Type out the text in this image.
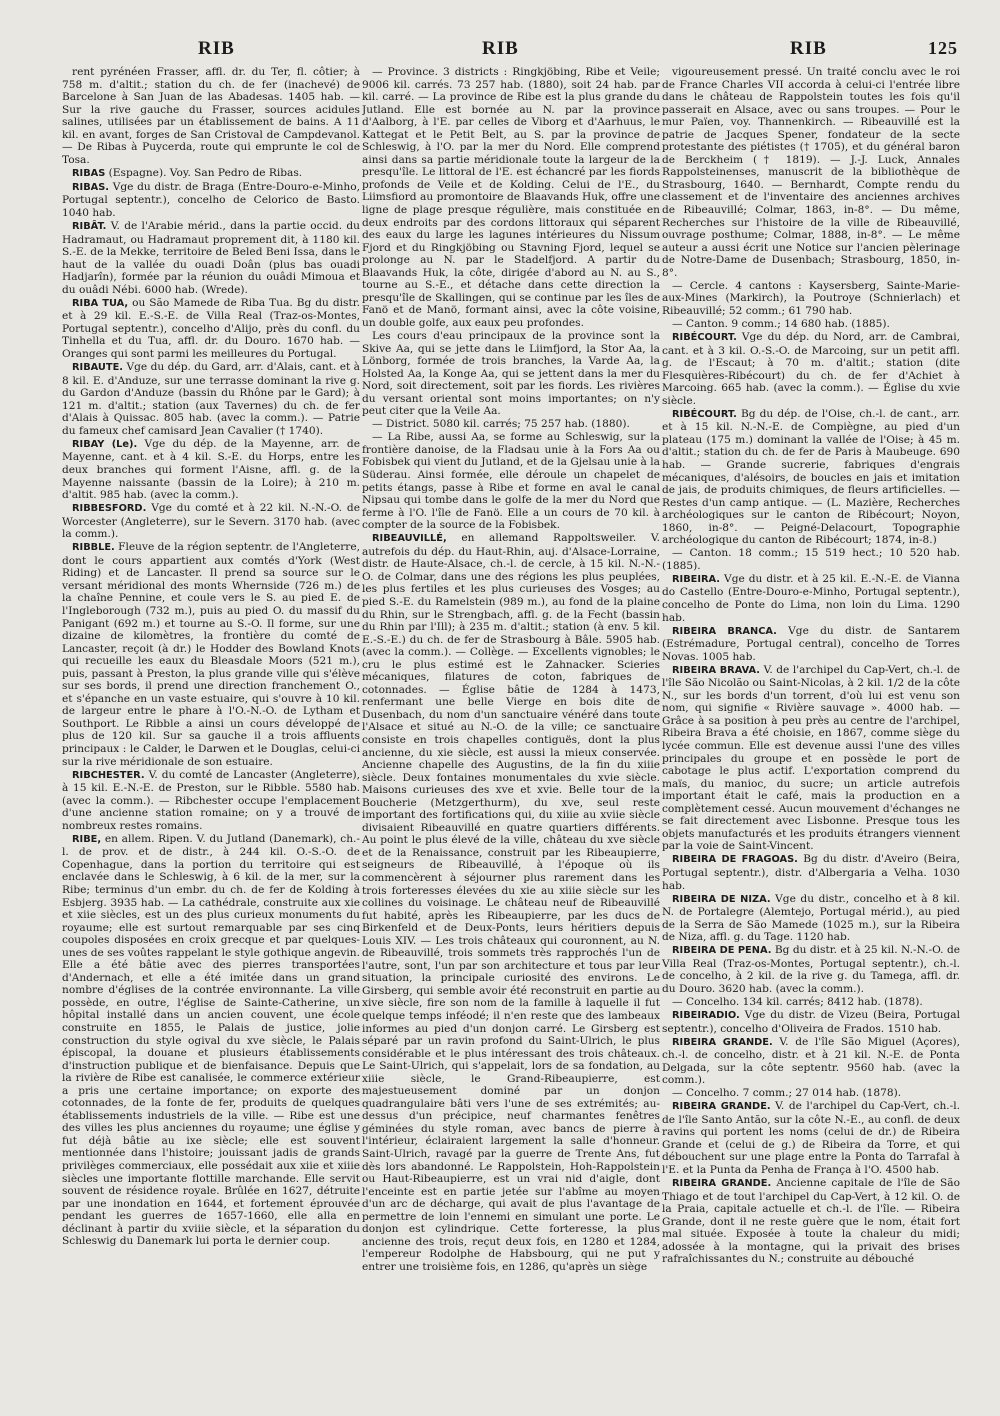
RIB	RIB	RIB	125

rent pyrénéen Frasser, affl. dr. du Ter, fl. côtier; à 758 m. d'altit.; station du ch. de fer (inachevé) de Barcelone à San Juan de las Abadesas. 1405 hab. — Sur la rive gauche du Frasser, sources acidules salines, utilisées par un établissement de bains. A 11 kil. en avant, forges de San Cristoval de Campdevanol. — De Ribas à Puycerda, route qui emprunte le col de Tosa.

RIBAS (Espagne). Voy. San Pedro de Ribas.

RIBAS. Vge du distr. de Braga (Entre-Douro-e-Minho, Portugal septentr.), concelho de Celorico de Basto. 1040 hab.

RIBÂT. V. de l'Arabie mérid., dans la partie occid. du Hadramaut, ou Hadramaut proprement dit, à 1180 kil. S.-E. de la Mekke, territoire de Beled Beni Issa, dans le haut de la vallée du ouadi Doân (plus bas ouadi Hadjarîn), formée par la réunion du ouâdi Mimoua et du ouâdi Nébi. 6000 hab. (Wrede).

RIBA TUA, ou São Mamede de Riba Tua. Bg du distr. et à 29 kil. E.-S.-E. de Villa Real (Traz-os-Montes, Portugal septentr.), concelho d'Alijo, près du confl. du Tinhella et du Tua, affl. dr. du Douro. 1670 hab. — Oranges qui sont parmi les meilleures du Portugal.

RIBAUTE. Vge du dép. du Gard, arr. d'Alais, cant. et à 8 kil. E. d'Anduze, sur une terrasse dominant la rive g. du Gardon d'Anduze (bassin du Rhône par le Gard); à 121 m. d'altit.; station (aux Tavernes) du ch. de fer d'Alais à Quissac. 805 hab. (avec la comm.). — Patrie du fameux chef camisard Jean Cavalier († 1740).

RIBAY (Le). Vge du dép. de la Mayenne, arr. de Mayenne, cant. et à 4 kil. S.-E. du Horps, entre les deux branches qui forment l'Aisne, affl. g. de la Mayenne naissante (bassin de la Loire); à 210 m. d'altit. 985 hab. (avec la comm.).

RIBBESFORD. Vge du comté et à 22 kil. N.-N.-O. de Worcester (Angleterre), sur le Severn. 3170 hab. (avec la comm.).

RIBBLE. Fleuve de la région septentr. de l'Angleterre, dont le cours appartient aux comtés d'York (West Riding) et de Lancaster. Il prend sa source sur le versant méridional des monts Whernside (726 m.) de la chaîne Pennine, et coule vers le S. au pied E. de l'Ingleborough (732 m.), puis au pied O. du massif du Panigant (692 m.) et tourne au S.-O. Il forme, sur une dizaine de kilomètres, la frontière du comté de Lancaster, reçoit (à dr.) le Hodder des Bowland Knots qui recueille les eaux du Bleasdale Moors (521 m.), puis, passant à Preston, la plus grande ville qui s'élève sur ses bords, il prend une direction franchement O., et s'épanche en un vaste estuaire, qui s'ouvre à 10 kil. de largeur entre le phare à l'O.-N.-O. de Lytham et Southport. Le Ribble a ainsi un cours développé de plus de 120 kil. Sur sa gauche il a trois affluents principaux : le Calder, le Darwen et le Douglas, celui-ci sur la rive méridionale de son estuaire.

RIBCHESTER. V. du comté de Lancaster (Angleterre), à 15 kil. E.-N.-E. de Preston, sur le Ribble. 5580 hab. (avec la comm.). — Ribchester occupe l'emplacement d'une ancienne station romaine; on y a trouvé de nombreux restes romains.

RIBE, en allem. Ripen. V. du Jutland (Danemark), ch.-l. de prov. et de distr., à 244 kil. O.-S.-O. de Copenhague, dans la portion du territoire qui est enclavée dans le Schleswig, à 6 kil. de la mer, sur la Ribe; terminus d'un embr. du ch. de fer de Kolding à Esbjerg. 3935 hab. — La cathédrale, construite aux xie et xiie siècles, est un des plus curieux monuments du royaume; elle est surtout remarquable par ses cinq coupoles disposées en croix grecque et par quelques-unes de ses voûtes rappelant le style gothique angevin. Elle a été bâtie avec des pierres transportées d'Andernach, et elle a été imitée dans un grand nombre d'églises de la contrée environnante. La ville possède, en outre, l'église de Sainte-Catherine, un hôpital installé dans un ancien couvent, une école construite en 1855, le Palais de justice, jolie construction du style ogival du xve siècle, le Palais épiscopal, la douane et plusieurs établissements d'instruction publique et de bienfaisance. Depuis que la rivière de Ribe est canalisée, le commerce extérieur a pris une certaine importance; on exporte des cotonnades, de la fonte de fer, produits de quelques établissements industriels de la ville. — Ribe est une des villes les plus anciennes du royaume; une église y fut déjà bâtie au ixe siècle; elle est souvent mentionnée dans l'histoire; jouissant jadis de grands privilèges commerciaux, elle possédait aux xiie et xiiie siècles une importante flottille marchande. Elle servit souvent de résidence royale. Brûlée en 1627, détruite par une inondation en 1644, et fortement éprouvée pendant les guerres de 1657-1660, elle alla en déclinant à partir du xviiie siècle, et la séparation du Schleswig du Danemark lui porta le dernier coup.

— Province. 3 districts : Ringkjöbing, Ribe et Veile; 9006 kil. carrés. 73 257 hab. (1880), soit 24 hab. par kil. carré. — La province de Ribe est la plus grande du Jutland. Elle est bornée au N. par la province d'Aalborg, à l'E. par celles de Viborg et d'Aarhuus, le Kattegat et le Petit Belt, au S. par la province de Schleswig, à l'O. par la mer du Nord. Elle comprend ainsi dans sa partie méridionale toute la largeur de la presqu'île. Le littoral de l'E. est échancré par les fiords profonds de Veile et de Kolding. Celui de l'E., du Liimsfiord au promontoire de Blaavands Huk, offre une ligne de plage presque régulière, mais constituée en deux endroits par des cordons littoraux qui séparent des eaux du large les lagunes intérieures du Nissum Fjord et du Ringkjöbing ou Stavning Fjord, lequel se prolonge au N. par le Stadelfjord. A partir du Blaavands Huk, la côte, dirigée d'abord au N. au S., tourne au S.-E., et détache dans cette direction la presqu'île de Skallingen, qui se continue par les îles de Fanö et de Manö, formant ainsi, avec la côte voisine, un double golfe, aux eaux peu profondes.

Les cours d'eau principaux de la province sont la Skive Aa, qui se jette dans le Liimfjord, la Stor Aa, la Lönborg, formée de trois branches, la Varde Aa, la Holsted Aa, la Konge Aa, qui se jettent dans la mer du Nord, soit directement, soit par les fiords. Les rivières du versant oriental sont moins importantes; on n'y peut citer que la Veile Aa.

— District. 5080 kil. carrés; 75 257 hab. (1880).

— La Ribe, aussi Aa, se forme au Schleswig, sur la frontière danoise, de la Fladsau unie à la Fors Aa ou Fobisbek qui vient du Jutland, et de la Gjelsau unie à la Süderau. Ainsi formée, elle déroule un chapelet de petits étangs, passe à Ribe et forme en aval le canal Nipsau qui tombe dans le golfe de la mer du Nord que ferme à l'O. l'île de Fanö. Elle a un cours de 70 kil. à compter de la source de la Fobisbek.

RIBEAUVILLÉ, en allemand Rappoltsweiler. V. autrefois du dép. du Haut-Rhin, auj. d'Alsace-Lorraine, distr. de Haute-Alsace, ch.-l. de cercle, à 15 kil. N.-N.-O. de Colmar, dans une des régions les plus peuplées, les plus fertiles et les plus curieuses des Vosges; au pied S.-E. du Ramelstein (989 m.), au fond de la plaine du Rhin, sur le Strengbach, affl. g. de la Fecht (bassin du Rhin par l'Ill); à 235 m. d'altit.; station (à env. 5 kil. E.-S.-E.) du ch. de fer de Strasbourg à Bâle. 5905 hab. (avec la comm.). — Collège. — Excellents vignobles; le cru le plus estimé est le Zahnacker. Scieries mécaniques, filatures de coton, fabriques de cotonnades. — Église bâtie de 1284 à 1473, renfermant une belle Vierge en bois dite de Dusenbach, du nom d'un sanctuaire vénéré dans toute l'Alsace et situé au N.-O. de la ville; ce sanctuaire consiste en trois chapelles contiguës, dont la plus ancienne, du xie siècle, est aussi la mieux conservée. Ancienne chapelle des Augustins, de la fin du xiiie siècle. Deux fontaines monumentales du xvie siècle. Maisons curieuses des xve et xvie. Belle tour de la Boucherie (Metzgerthurm), du xve, seul reste important des fortifications qui, du xiiie au xviie siècle divisaient Ribeauvillé en quatre quartiers différents. Au point le plus élevé de la ville, château du xve siècle et de la Renaissance, construit par les Ribeaupierre, seigneurs de Ribeauvillé, à l'époque où ils commencèrent à séjourner plus rarement dans les trois forteresses élevées du xie au xiiie siècle sur les collines du voisinage. Le château neuf de Ribeauvillé fut habité, après les Ribeaupierre, par les ducs de Birkenfeld et de Deux-Ponts, leurs héritiers depuis Louis XIV. — Les trois châteaux qui couronnent, au N. de Ribeauvillé, trois sommets très rapprochés l'un de l'autre, sont, l'un par son architecture et tous par leur situation, la principale curiosité des environs. Le Girsberg, qui semble avoir été reconstruit en partie au xive siècle, fire son nom de la famille à laquelle il fut quelque temps inféodé; il n'en reste que des lambeaux informes au pied d'un donjon carré. Le Girsberg est séparé par un ravin profond du Saint-Ulrich, le plus considérable et le plus intéressant des trois châteaux. Le Saint-Ulrich, qui s'appelait, lors de sa fondation, au xiiie siècle, le Grand-Ribeaupierre, est majestueusement dominé par un donjon quadrangulaire bâti vers l'une de ses extrémités; au-dessus d'un précipice, neuf charmantes fenêtres géminées du style roman, avec bancs de pierre à l'intérieur, éclairaient largement la salle d'honneur. Saint-Ulrich, ravagé par la guerre de Trente Ans, fut dès lors abandonné. Le Rappolstein, Hoh-Rappolstein ou Haut-Ribeaupierre, est un vrai nid d'aigle, dont l'enceinte est en partie jetée sur l'abîme au moyen d'un arc de décharge, qui avait de plus l'avantage de permettre de loin l'ennemi en simulant une porte. Le donjon est cylindrique. Cette forteresse, la plus ancienne des trois, reçut deux fois, en 1280 et 1284, l'empereur Rodolphe de Habsbourg, qui ne put y entrer une troisième fois, en 1286, qu'après un siège

vigoureusement pressé. Un traité conclu avec le roi de France Charles VII accorda à celui-ci l'entrée libre dans le château de Rappolstein toutes les fois qu'il passerait en Alsace, avec ou sans troupes. — Pour le mur Païen, voy. Thannenkirch. — Ribeauvillé est la patrie de Jacques Spener, fondateur de la secte protestante des piétistes († 1705), et du général baron de Berckheim († 1819). — J.-J. Luck, Annales Rappolsteinenses, manuscrit de la bibliothèque de Strasbourg, 1640. — Bernhardt, Compte rendu du classement et de l'inventaire des anciennes archives de Ribeauvillé; Colmar, 1863, in-8°. — Du même, Recherches sur l'histoire de la ville de Ribeauvillé, ouvrage posthume; Colmar, 1888, in-8°. — Le même auteur a aussi écrit une Notice sur l'ancien pèlerinage de Notre-Dame de Dusenbach; Strasbourg, 1850, in-8°.

— Cercle. 4 cantons : Kaysersberg, Sainte-Marie-aux-Mines (Markirch), la Poutroye (Schnierlach) et Ribeauvillé; 52 comm.; 61 790 hab.

— Canton. 9 comm.; 14 680 hab. (1885).

RIBÉCOURT. Vge du dép. du Nord, arr. de Cambrai, cant. et à 3 kil. O.-S.-O. de Marcoing, sur un petit affl. g. de l'Escaut; à 70 m. d'altit.; station (dite Flesquières-Ribécourt) du ch. de fer d'Achiet à Marcoing. 665 hab. (avec la comm.). — Église du xvie siècle.

RIBÉCOURT. Bg du dép. de l'Oise, ch.-l. de cant., arr. et à 15 kil. N.-N.-E. de Compiègne, au pied d'un plateau (175 m.) dominant la vallée de l'Oise; à 45 m. d'altit.; station du ch. de fer de Paris à Maubeuge. 690 hab. — Grande sucrerie, fabriques d'engrais mécaniques, d'alésoirs, de boucles en jais et imitation de jais, de produits chimiques, de fleurs artificielles. — Restes d'un camp antique. — (L. Mazière, Recherches archéologiques sur le canton de Ribécourt; Noyon, 1860, in-8°. — Peigné-Delacourt, Topographie archéologique du canton de Ribécourt; 1874, in-8.)

— Canton. 18 comm.; 15 519 hect.; 10 520 hab. (1885).

RIBEIRA. Vge du distr. et à 25 kil. E.-N.-E. de Vianna do Castello (Entre-Douro-e-Minho, Portugal septentr.), concelho de Ponte do Lima, non loin du Lima. 1290 hab.

RIBEIRA BRANCA. Vge du distr. de Santarem (Estrémadure, Portugal central), concelho de Torres Novas. 1005 hab.

RIBEIRA BRAVA. V. de l'archipel du Cap-Vert, ch.-l. de l'île São Nicolão ou Saint-Nicolas, à 2 kil. 1/2 de la côte N., sur les bords d'un torrent, d'où lui est venu son nom, qui signifie « Rivière sauvage ». 4000 hab. — Grâce à sa position à peu près au centre de l'archipel, Ribeira Brava a été choisie, en 1867, comme siège du lycée commun. Elle est devenue aussi l'une des villes principales du groupe et en possède le port de cabotage le plus actif. L'exportation comprend du maïs, du manioc, du sucre; un article autrefois important était le café, mais la production en a complètement cessé. Aucun mouvement d'échanges ne se fait directement avec Lisbonne. Presque tous les objets manufacturés et les produits étrangers viennent par la voie de Saint-Vincent.

RIBEIRA DE FRAGOAS. Bg du distr. d'Aveiro (Beira, Portugal septentr.), distr. d'Albergaria a Velha. 1030 hab.

RIBEIRA DE NIZA. Vge du distr., concelho et à 8 kil. N. de Portalegre (Alemtejo, Portugal mérid.), au pied de la Serra de São Mamede (1025 m.), sur la Ribeira de Niza, affl. g. du Tage. 1120 hab.

RIBEIRA DE PENA. Bg du distr. et à 25 kil. N.-N.-O. de Villa Real (Traz-os-Montes, Portugal septentr.), ch.-l. de concelho, à 2 kil. de la rive g. du Tamega, affl. dr. du Douro. 3620 hab. (avec la comm.).

— Concelho. 134 kil. carrés; 8412 hab. (1878).

RIBEIRADIO. Vge du distr. de Vizeu (Beira, Portugal septentr.), concelho d'Oliveira de Frados. 1510 hab.

RIBEIRA GRANDE. V. de l'île São Miguel (Açores), ch.-l. de concelho, distr. et à 21 kil. N.-E. de Ponta Delgada, sur la côte septentr. 9560 hab. (avec la comm.).

— Concelho. 7 comm.; 27 014 hab. (1878).

RIBEIRA GRANDE. V. de l'archipel du Cap-Vert, ch.-l. de l'île Santo Antão, sur la côte N.-E., au confl. de deux ravins qui portent les noms (celui de dr.) de Ribeira Grande et (celui de g.) de Ribeira da Torre, et qui débouchent sur une plage entre la Ponta do Tarrafal à l'E. et la Punta da Penha de França à l'O. 4500 hab.

RIBEIRA GRANDE. Ancienne capitale de l'île de São Thiago et de tout l'archipel du Cap-Vert, à 12 kil. O. de la Praia, capitale actuelle et ch.-l. de l'île. — Ribeira Grande, dont il ne reste guère que le nom, était fort mal située. Exposée à toute la chaleur du midi; adossée à la montagne, qui la privait des brises rafraîchissantes du N.; construite au débouché
